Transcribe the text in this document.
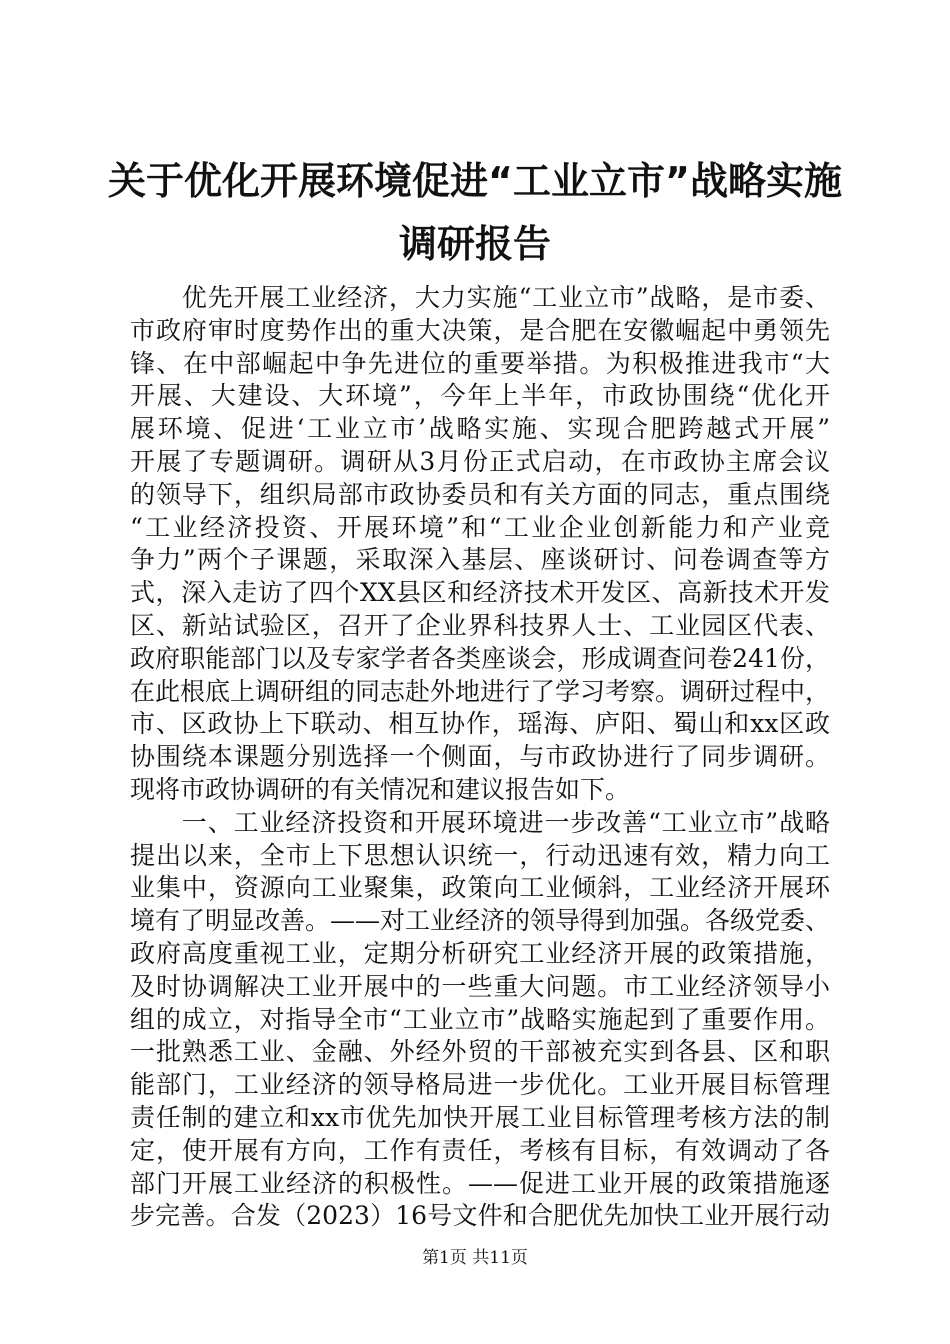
关于优化开展环境促进“工业立市”战略实施
调研报告
　　优先开展工业经济，大力实施“工业立市”战略，是市委、
市政府审时度势作出的重大决策，是合肥在安徽崛起中勇领先
锋、在中部崛起中争先进位的重要举措。为积极推进我市“大
开展、大建设、大环境”，今年上半年，市政协围绕“优化开
展环境、促进‘工业立市’战略实施、实现合肥跨越式开展”
开展了专题调研。调研从3月份正式启动，在市政协主席会议
的领导下，组织局部市政协委员和有关方面的同志，重点围绕
“工业经济投资、开展环境”和“工业企业创新能力和产业竞
争力”两个子课题，采取深入基层、座谈研讨、问卷调查等方
式，深入走访了四个XX县区和经济技术开发区、高新技术开发
区、新站试验区，召开了企业界科技界人士、工业园区代表、
政府职能部门以及专家学者各类座谈会，形成调查问卷241份，
在此根底上调研组的同志赴外地进行了学习考察。调研过程中，
市、区政协上下联动、相互协作，瑶海、庐阳、蜀山和xx区政
协围绕本课题分别选择一个侧面，与市政协进行了同步调研。
现将市政协调研的有关情况和建议报告如下。
　　一、工业经济投资和开展环境进一步改善“工业立市”战略
提出以来，全市上下思想认识统一，行动迅速有效，精力向工
业集中，资源向工业聚集，政策向工业倾斜，工业经济开展环
境有了明显改善。——对工业经济的领导得到加强。各级党委、
政府高度重视工业，定期分析研究工业经济开展的政策措施，
及时协调解决工业开展中的一些重大问题。市工业经济领导小
组的成立，对指导全市“工业立市”战略实施起到了重要作用。
一批熟悉工业、金融、外经外贸的干部被充实到各县、区和职
能部门，工业经济的领导格局进一步优化。工业开展目标管理
责任制的建立和xx市优先加快开展工业目标管理考核方法的制
定，使开展有方向，工作有责任，考核有目标，有效调动了各
部门开展工业经济的积极性。——促进工业开展的政策措施逐
步完善。合发（2023）16号文件和合肥优先加快工业开展行动
第1页 共11页
